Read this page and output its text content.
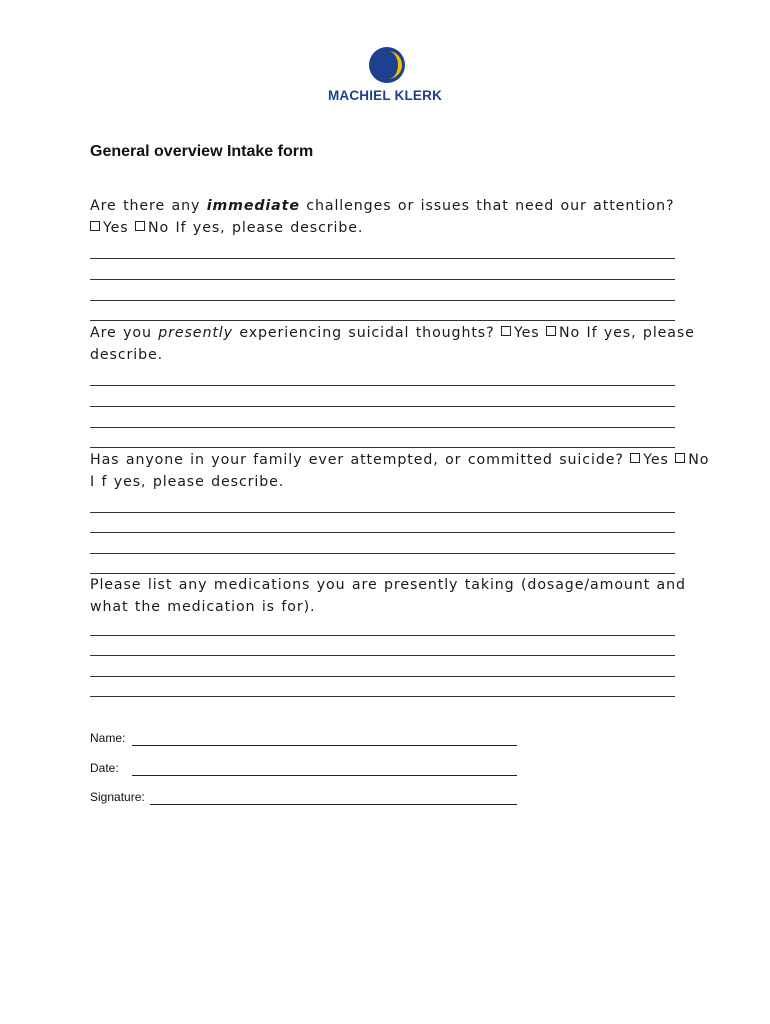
MACHIEL KLERK
General overview Intake form
Are there any immediate challenges or issues that need our attention?
Yes No If yes, please describe.
Are you presently experiencing suicidal thoughts? Yes No If yes, please
describe.
Has anyone in your family ever attempted, or committed suicide? Yes No
I f yes, please describe.
Please list any medications you are presently taking (dosage/amount and
what the medication is for).
Name:
Date:
Signature:
